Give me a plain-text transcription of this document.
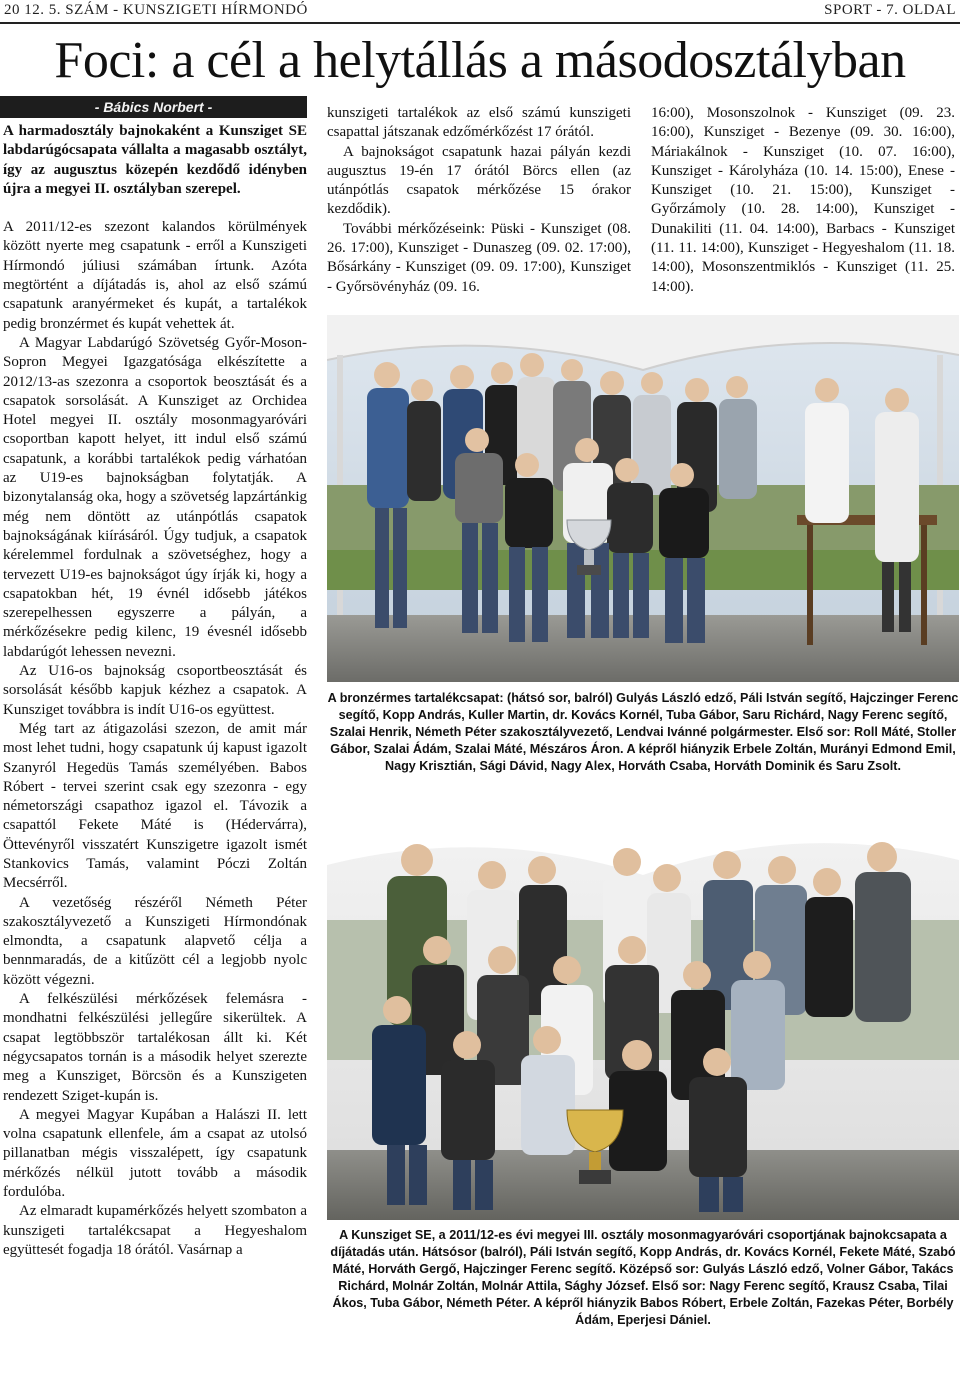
20 12. 5. SZÁM - KUNSZIGETI HÍRMONDÓ	SPORT - 7. OLDAL
Foci: a cél a helytállás a másodosztályban
- Bábics Norbert -

A harmadosztály bajnokaként a Kunsziget SE labdarúgócsapata vállalta a magasabb osztályt, így az augusztus közepén kezdődő idényben újra a megyei II. osztályban szerepel.

A 2011/12-es szezont kalandos körülmények között nyerte meg csapatunk - erről a Kunszigeti Hírmondó júliusi számában írtunk. Azóta megtörtént a díjátadás is, ahol az első számú csapatunk aranyérmeket és kupát, a tartalékok pedig bronzérmet és kupát vehettek át.

A Magyar Labdarúgó Szövetség Győr-Moson-Sopron Megyei Igazgatósága elkészítette a 2012/13-as szezonra a csoportok beosztását és a csapatok sorsolását. A Kunsziget az Orchidea Hotel megyei II. osztály mosonmagyaróvári csoportban kapott helyet, itt indul első számú csapatunk, a korábbi tartalékok pedig várhatóan az U19-es bajnokságban folytatják. A bizonytalanság oka, hogy a szövetség lapzártánkig még nem döntött az utánpótlás csapatok bajnokságának kiírásáról. Úgy tudjuk, a csapatok kérelemmel fordulnak a szövetséghez, hogy a tervezett U19-es bajnokságot úgy írják ki, hogy a csapatokban hét, 19 évnél idősebb játékos szerepelhessen egyszerre a pályán, a mérkőzésekre pedig kilenc, 19 évesnél idősebb labdarúgót lehessen nevezni.

Az U16-os bajnokság csoportbeosztását és sorsolását később kapjuk kézhez a csapatok. A Kunsziget továbbra is indít U16-os együttest.

Még tart az átigazolási szezon, de amit már most lehet tudni, hogy csapatunk új kapust igazolt Szanyról Hegedüs Tamás személyében. Babos Róbert - tervei szerint csak egy szezonra - egy németországi csapathoz igazol el. Távozik a csapattól Fekete Máté is (Hédervárra), Öttevényről visszatért Kunszigetre igazolt ismét Stankovics Tamás, valamint Póczi Zoltán Mecsérről.

A vezetőség részéről Németh Péter szakosztályvezető a Kunszigeti Hírmondónak elmondta, a csapatunk alapvető célja a bennmaradás, de a kitűzött cél a legjobb nyolc között végezni.

A felkészülési mérkőzések felemásra - mondhatni felkészülési jellegűre sikerültek. A csapat legtöbbször tartalékosan állt ki. Két négycsapatos tornán is a második helyet szerezte meg a Kunsziget, Börcsön és a Kunszigeten rendezett Sziget-kupán is.

A megyei Magyar Kupában a Halászi II. lett volna csapatunk ellenfele, ám a csapat az utolsó pillanatban mégis visszalépett, így csapatunk mérkőzés nélkül jutott tovább a második fordulóba.

Az elmaradt kupamérkőzés helyett szombaton a kunszigeti tartalékcsapat a Hegyeshalom együttesét fogadja 18 órától. Vasárnap a

kunszigeti tartalékok az első számú kunszigeti csapattal játszanak edzőmérkőzést 17 órától.

A bajnokságot csapatunk hazai pályán kezdi augusztus 19-én 17 órától Börcs ellen (az utánpótlás csapatok mérkőzése 15 órakor kezdődik).

További mérkőzéseink: Püski - Kunsziget (08. 26. 17:00), Kunsziget - Dunaszeg (09. 02. 17:00), Bősárkány - Kunsziget (09. 09. 17:00), Kunsziget - Győrsövényház (09. 16.

16:00), Mosonszolnok - Kunsziget (09. 23. 16:00), Kunsziget - Bezenye (09. 30. 16:00), Máriakálnok - Kunsziget (10. 07. 16:00), Kunsziget - Károlyháza (10. 14. 15:00), Enese - Kunsziget (10. 21. 15:00), Kunsziget - Győrzámoly (10. 28. 14:00), Kunsziget - Dunakiliti (11. 04. 14:00), Barbacs - Kunsziget (11. 11. 14:00), Kunsziget - Hegyeshalom (11. 18. 14:00), Mosonszentmiklós - Kunsziget (11. 25. 14:00).

A bronzérmes tartalékcsapat: (hátsó sor, balról) Gulyás László edző, Páli István segítő, Hajczinger Ferenc segítő, Kopp András, Kuller Martin, dr. Kovács Kornél, Tuba Gábor, Saru Richárd, Nagy Ferenc segítő, Szalai Henrik, Németh Péter szakosztályvezető, Lendvai Ivánné polgármester. Első sor: Roll Máté, Stoller Gábor, Szalai Ádám, Szalai Máté, Mészáros Áron. A képről hiányzik Erbele Zoltán, Murányi Edmond Emil, Nagy Krisztián, Sági Dávid, Nagy Alex, Horváth Csaba, Horváth Dominik és Saru Zsolt.
A Kunsziget SE, a 2011/12-es évi megyei III. osztály mosonmagyaróvári csoportjának bajnokcsapata a díjátadás után. Hátsósor (balról), Páli István segítő, Kopp András, dr. Kovács Kornél, Fekete Máté, Szabó Máté, Horváth Gergő, Hajczinger Ferenc segítő. Középső sor: Gulyás László edző, Volner Gábor, Takács Richárd, Molnár Zoltán, Molnár Attila, Sághy József. Első sor: Nagy Ferenc segítő, Krausz Csaba, Tilai Ákos, Tuba Gábor, Németh Péter. A képről hiányzik Babos Róbert, Erbele Zoltán, Fazekas Péter, Borbély Ádám, Eperjesi Dániel.
